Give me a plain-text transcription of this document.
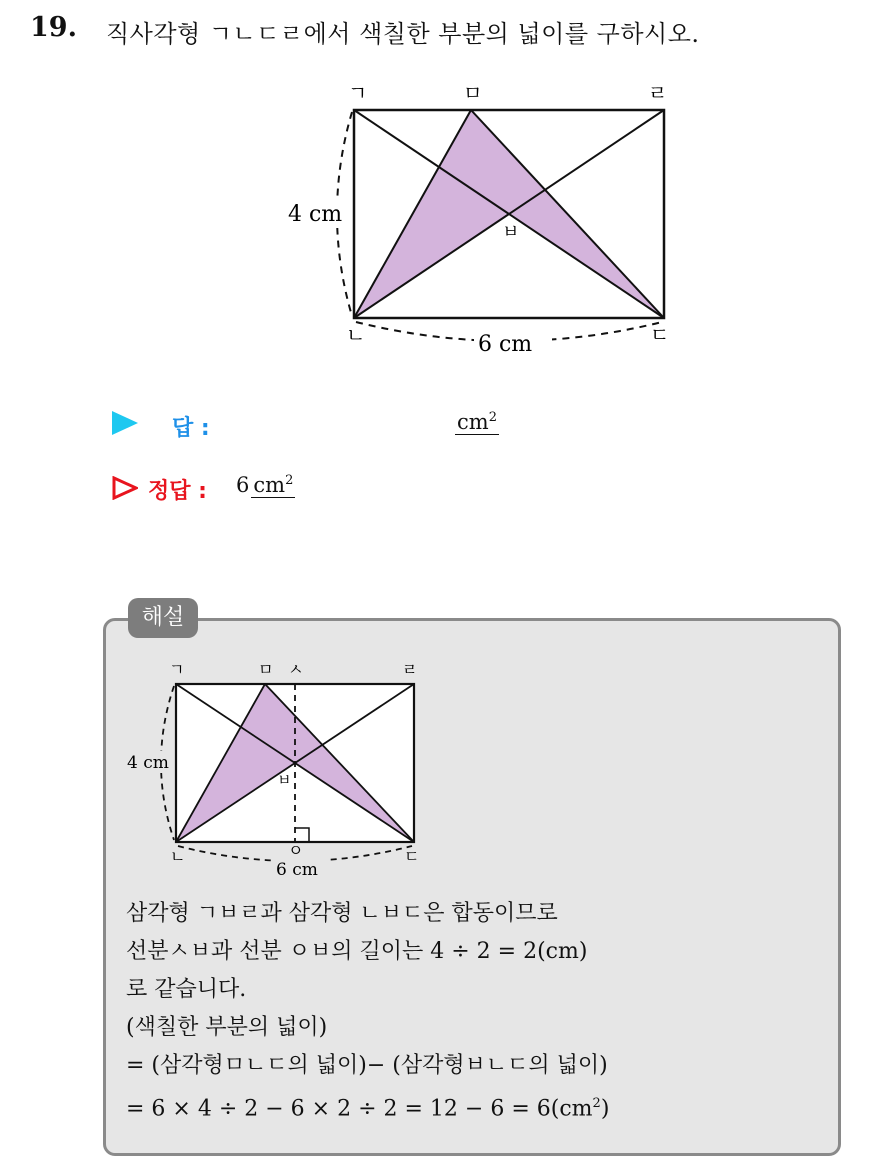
19. 직사각형 ㄱㄴㄷㄹ에서 색칠한 부분의 넓이를 구하시오.
ㄱ	ㅁ	ㄹ
ㄴ	ㄷ
ㅂ
4 cm
6 cm
답 :	$cm^2$
정답 : 6 $cm^2$
해설
ㄱ	ㅁ ㅅ	ㄹ
ㄴ	ㅇ	ㄷ
ㅂ
4 cm
6 cm
삼각형 ㄱㅂㄹ과 삼각형 ㄴㅂㄷ은 합동이므로
선분ㅅㅂ과 선분 ㅇㅂ의 길이는 4 ÷ 2 = 2(cm)
로 같습니다.
(색칠한 부분의 넓이)
= (삼각형ㅁㄴㄷ의 넓이)− (삼각형ㅂㄴㄷ의 넓이)
= $6 \times 4 \div 2 - 6 \times 2 \div 2 = 12 - 6 = 6(cm^2)$
